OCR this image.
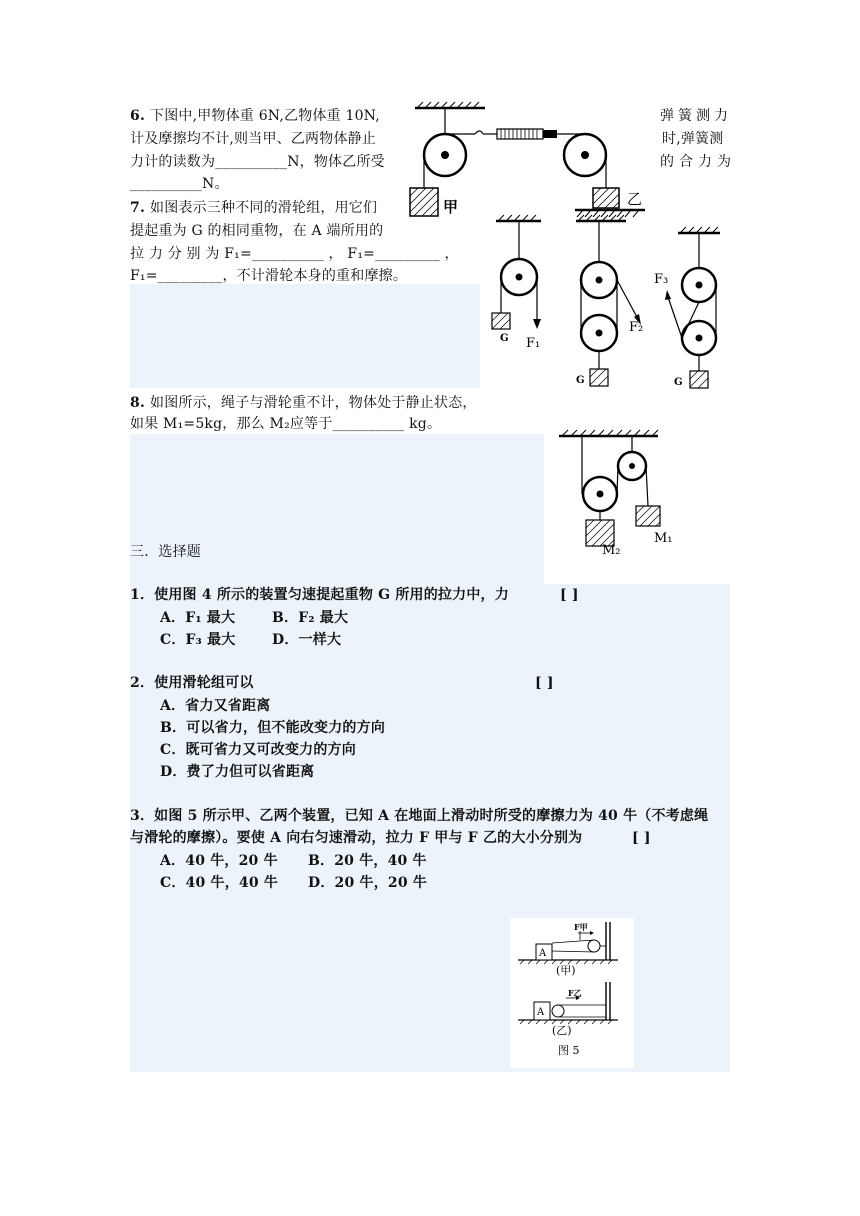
6. 下图中,甲物体重 6N,乙物体重 10N,	弹簧测力
计及摩擦均不计,则当甲、乙两物体静止	时,弹簧测
力计的读数为__________N，物体乙所受	的合力为
__________N。
甲	乙
7. 如图表示三种不同的滑轮组，用它们
提起重为 G 的相同重物，在 A 端所用的
拉 力 分 别 为 F₁=__________ ， F₁=_________ ，
F₁=_________，不计滑轮本身的重和摩擦。
G F₁
G
F₂
G
F₃
8. 如图所示，绳子与滑轮重不计，物体处于静止状态，
如果 M₁=5kg，那么 M₂应等于__________ kg。
M₁
M₂
三．选择题
1．使用图 4 所示的装置匀速提起重物 G 所用的拉力中，力	[ ]
A．F₁ 最大	B．F₂ 最大
C．F₃ 最大	D．一样大
2．使用滑轮组可以	[ ]
A．省力又省距离
B．可以省力，但不能改变力的方向
C．既可省力又可改变力的方向
D．费了力但可以省距离
3．如图 5 所示甲、乙两个装置，已知 A 在地面上滑动时所受的摩擦力为 40 牛（不考虑绳
与滑轮的摩擦）。要使 A 向右匀速滑动，拉力 F 甲与 F 乙的大小分别为	[ ]
A．40 牛，20 牛 B．20 牛，40 牛
C．40 牛，40 牛 D．20 牛，20 牛
A
F甲
(甲)
A
F乙
(乙)
图 5
